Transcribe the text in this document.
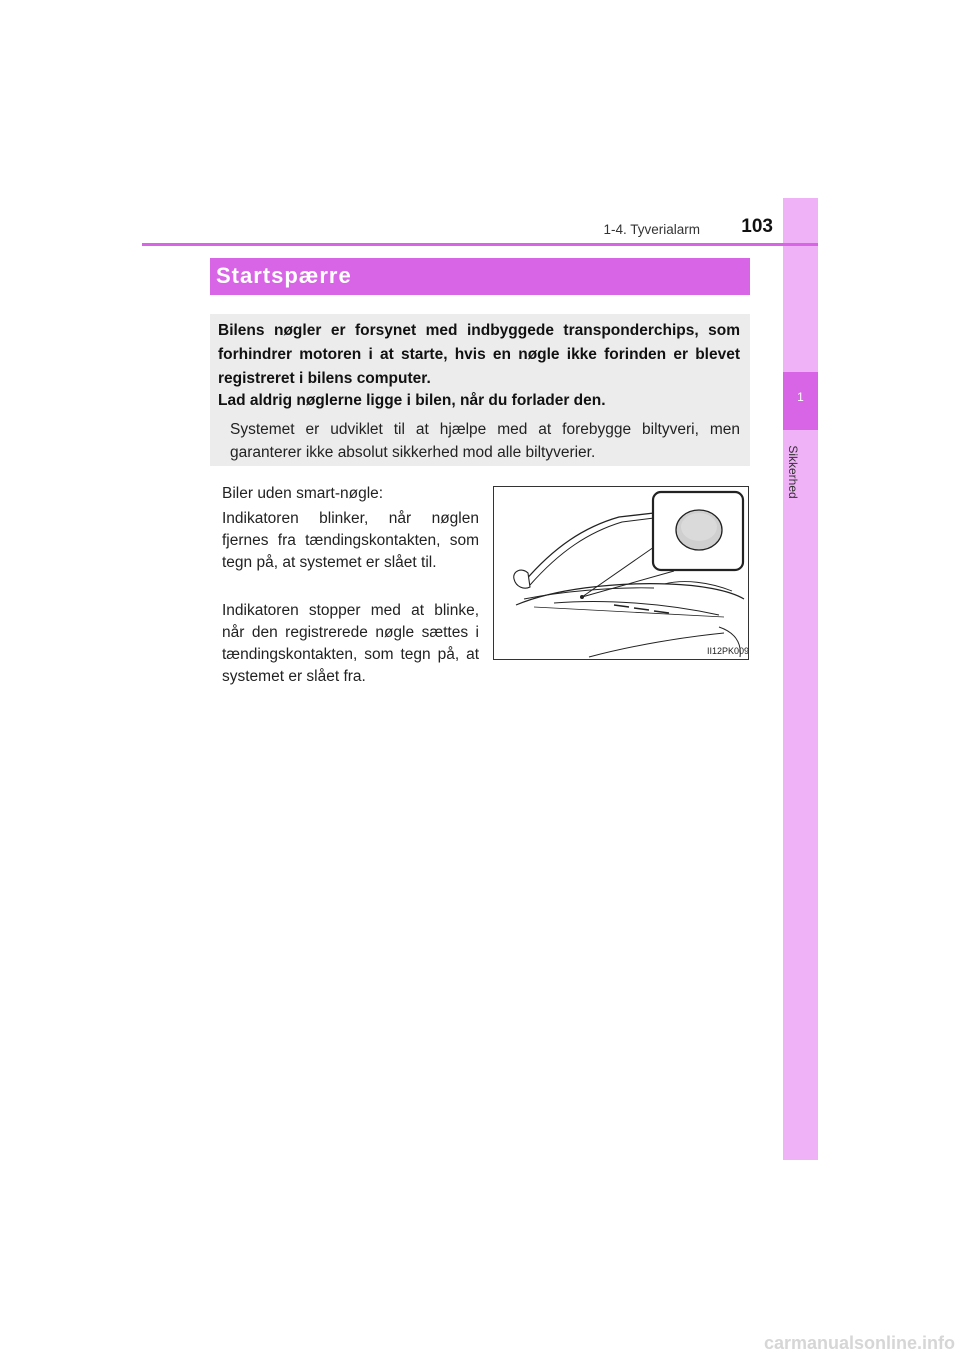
1
Sikkerhed
1-4. Tyverialarm	103
Startspærre

Bilens nøgler er forsynet med indbyggede transponderchips, som forhindrer motoren i at starte, hvis en nøgle ikke forinden er blevet registreret i bilens computer.

Lad aldrig nøglerne ligge i bilen, når du forlader den.

Systemet er udviklet til at hjælpe med at forebygge biltyveri, men garanterer ikke absolut sikkerhed mod alle biltyverier.

Biler uden smart-nøgle:

Indikatoren blinker, når nøglen fjernes fra tændingskontakten, som tegn på, at systemet er slået til.

Indikatoren stopper med at blinke, når den registrerede nøgle sættes i tændingskontakten, som tegn på, at systemet er slået fra.

II12PK009
carmanualsonline.info
